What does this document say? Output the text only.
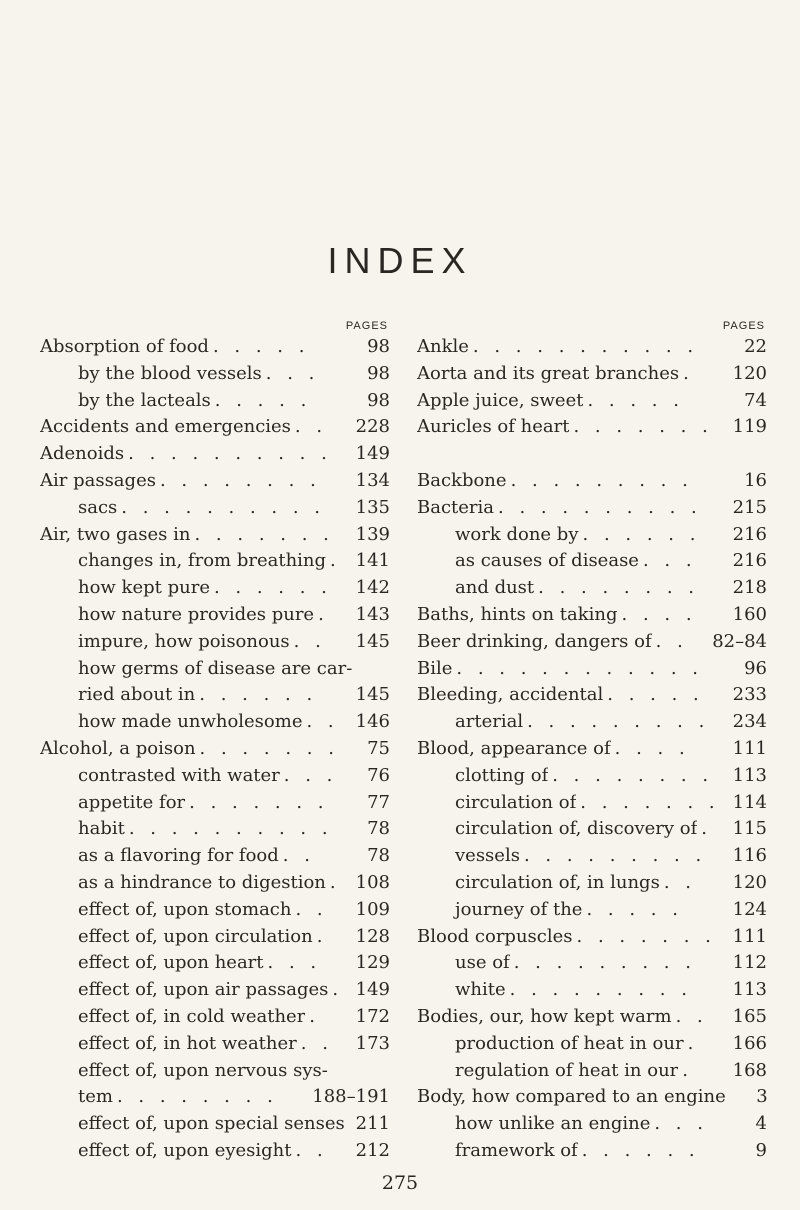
INDEX
PAGES
Absorption of food . . . . .	98
by the blood vessels . . .	98
by the lacteals . . . . .	98
Accidents and emergencies . .	228
Adenoids . . . . . . . . . .	149
Air passages . . . . . . . .	134
sacs . . . . . . . . . .	135
Air, two gases in . . . . . . .	139
changes in, from breathing . 141
how kept pure . . . . . .	142
how nature provides pure .	143
impure, how poisonous . .	145
how germs of disease are car-
ried about in . . . . . .	145
how made unwholesome . . 146
Alcohol, a poison . . . . . . .	75
contrasted with water . . .	76
appetite for . . . . . . .	77
habit . . . . . . . . . .	78
as a flavoring for food . .	78
as a hindrance to digestion . 108
effect of, upon stomach . .	109
effect of, upon circulation .	128
effect of, upon heart . . .	129
effect of, upon air passages . 149
effect of, in cold weather .	172
effect of, in hot weather . .	173
effect of, upon nervous sys-
tem . . . . . . . .	188–191
effect of, upon special senses 211
effect of, upon eyesight . .	212
PAGES
Ankle . . . . . . . . . . .	22
Aorta and its great branches .	120
Apple juice, sweet . . . . .	74
Auricles of heart . . . . . . .	119
Backbone . . . . . . . . .	16
Bacteria . . . . . . . . . .	215
work done by . . . . . .	216
as causes of disease . . .	216
and dust . . . . . . . .	218
Baths, hints on taking . . . .	160
Beer drinking, dangers of . .	82–84
Bile . . . . . . . . . . . .	96
Bleeding, accidental . . . . .	233
arterial . . . . . . . . .	234
Blood, appearance of . . . .	111
clotting of . . . . . . . .	113
circulation of . . . . . . . 114
circulation of, discovery of .	115
vessels . . . . . . . . .	116
circulation of, in lungs . .	120
journey of the . . . . .	124
Blood corpuscles . . . . . . . 111
use of . . . . . . . . .	112
white . . . . . . . . .	113
Bodies, our, how kept warm . .	165
production of heat in our .	166
regulation of heat in our .	168
Body, how compared to an engine	3
how unlike an engine . . .	4
framework of . . . . . .	9
275
